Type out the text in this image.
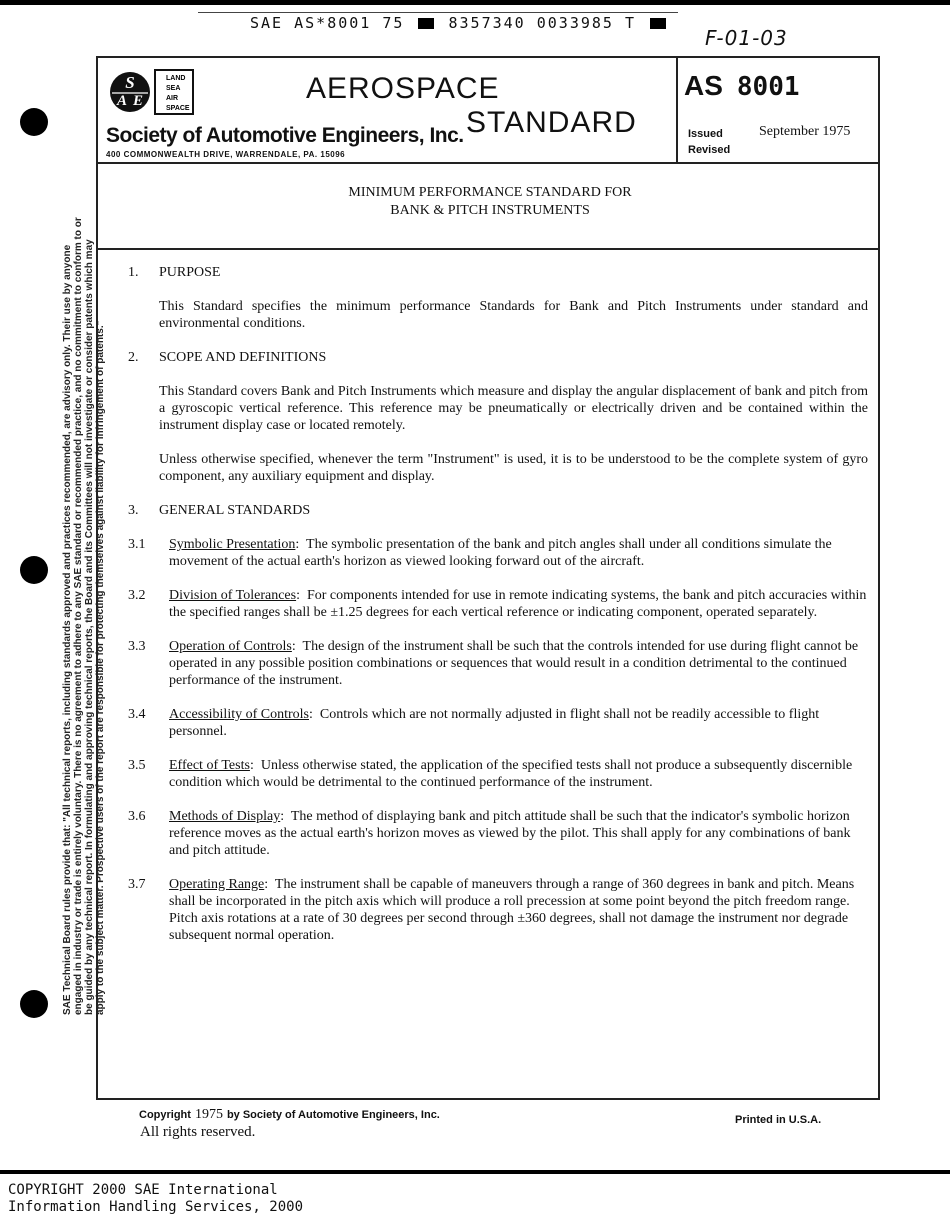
SAE AS*8001 75	8357340 0033985 T
F-01-03
S
A E
LAND
SEA
AIR
SPACE
AEROSPACE
STANDARD
Society of Automotive Engineers, Inc.
400 COMMONWEALTH DRIVE, WARRENDALE, PA. 15096
AS 8001
Issued
Revised
September 1975
MINIMUM PERFORMANCE STANDARD FOR
BANK & PITCH INSTRUMENTS
1. PURPOSE
This Standard specifies the minimum performance Standards for Bank and Pitch Instruments under standard and environmental conditions.
2. SCOPE AND DEFINITIONS
This Standard covers Bank and Pitch Instruments which measure and display the angular displacement of bank and pitch from a gyroscopic vertical reference. This reference may be pneumatically or electrically driven and be contained within the instrument display case or located remotely.
Unless otherwise specified, whenever the term "Instrument" is used, it is to be understood to be the complete system of gyro component, any auxiliary equipment and display.
3. GENERAL STANDARDS
3.1 Symbolic Presentation:  The symbolic presentation of the bank and pitch angles shall under all conditions simulate the movement of the actual earth's horizon as viewed looking forward out of the aircraft.
3.2 Division of Tolerances:  For components intended for use in remote indicating systems, the bank and pitch accuracies within the specified ranges shall be ±1.25 degrees for each vertical reference or indicating component, operated separately.
3.3 Operation of Controls:  The design of the instrument shall be such that the controls intended for use during flight cannot be operated in any possible position combinations or sequences that would result in a condition detrimental to the continued performance of the instrument.
3.4 Accessibility of Controls:  Controls which are not normally adjusted in flight shall not be readily accessible to flight personnel.
3.5 Effect of Tests:  Unless otherwise stated, the application of the specified tests shall not produce a subsequently discernible condition which would be detrimental to the continued performance of the instrument.
3.6 Methods of Display:  The method of displaying bank and pitch attitude shall be such that the indicator's symbolic horizon reference moves as the actual earth's horizon moves as viewed by the pilot. This shall apply for any combinations of bank and pitch attitude.
3.7 Operating Range:  The instrument shall be capable of maneuvers through a range of 360 degrees in bank and pitch. Means shall be incorporated in the pitch axis which will produce a roll precession at some point beyond the pitch freedom range. Pitch axis rotations at a rate of 30 degrees per second through ±360 degrees, shall not damage the instrument nor degrade subsequent normal operation.
SAE Technical Board rules provide that: "All technical reports, including standards approved and practices recommended, are advisory only. Their use by anyone engaged in industry or trade is entirely voluntary. There is no agreement to adhere to any SAE standard or recommended practice, and no commitment to conform to or be guided by any technical report. In formulating and approving technical reports, the Board and its Committees will not investigate or consider patents which may apply to the subject matter. Prospective users of the report are responsible for protecting themselves against liability for infringement of patents."
Copyright 1975 by Society of Automotive Engineers, Inc.
All rights reserved.
Printed in U.S.A.
COPYRIGHT 2000 SAE International
Information Handling Services, 2000
